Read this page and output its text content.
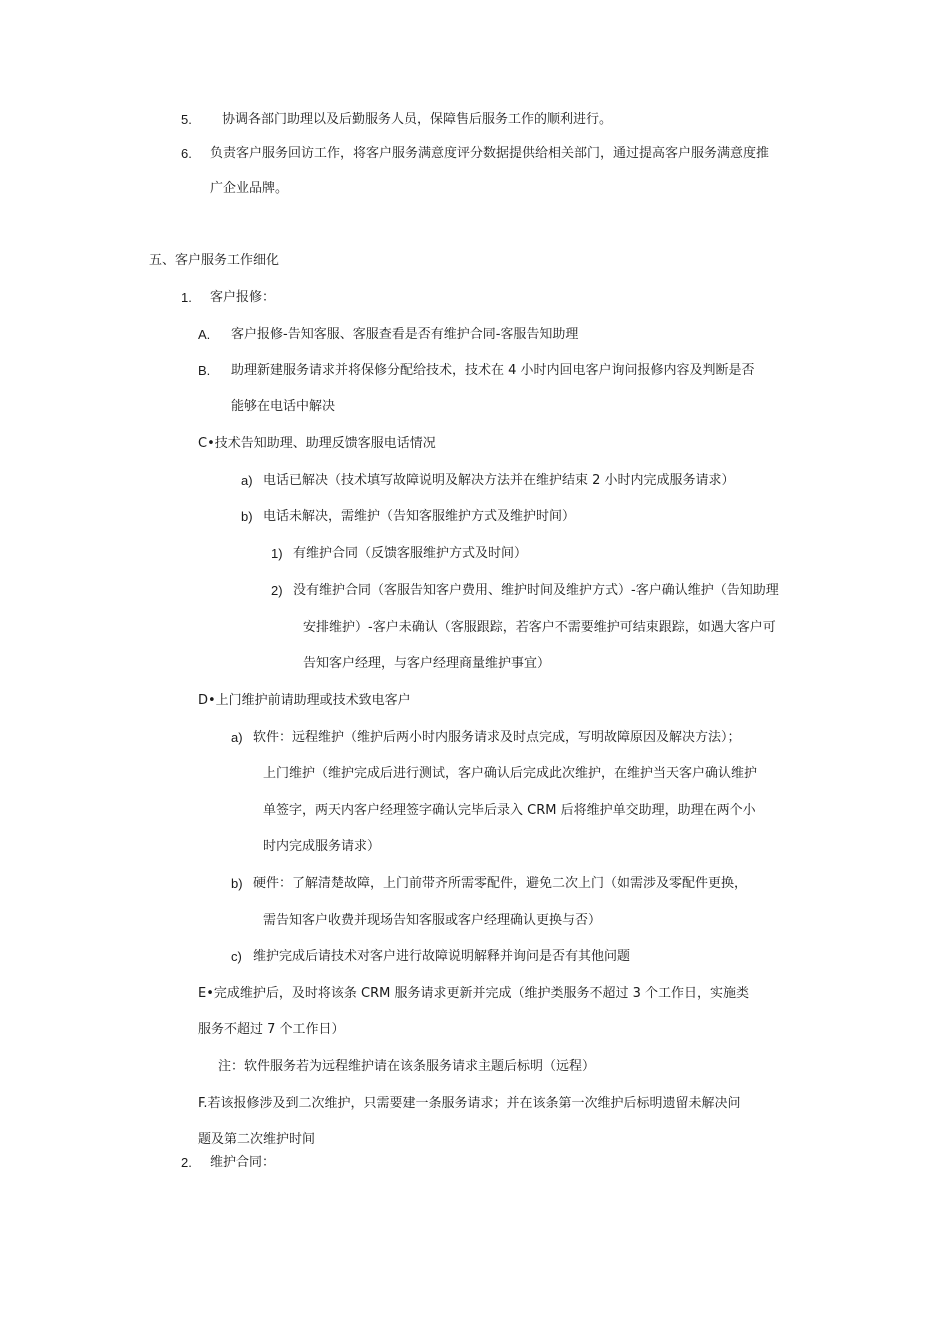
5. 协调各部门助理以及后勤服务人员，保障售后服务工作的顺利进行。
6. 负责客户服务回访工作，将客户服务满意度评分数据提供给相关部门，通过提高客户服务满意度推
广企业品牌。
五、客户服务工作细化
1. 客户报修：
A. 客户报修-告知客服、客服查看是否有维护合同-客服告知助理
B. 助理新建服务请求并将保修分配给技术，技术在 4 小时内回电客户询问报修内容及判断是否
能够在电话中解决
C•技术告知助理、助理反馈客服电话情况
a) 电话已解决（技术填写故障说明及解决方法并在维护结束 2 小时内完成服务请求）
b) 电话未解决，需维护（告知客服维护方式及维护时间）
1) 有维护合同（反馈客服维护方式及时间）
2) 没有维护合同（客服告知客户费用、维护时间及维护方式）-客户确认维护（告知助理
安排维护）-客户未确认（客服跟踪，若客户不需要维护可结束跟踪，如遇大客户可
告知客户经理，与客户经理商量维护事宜）
D•上门维护前请助理或技术致电客户
a) 软件：远程维护（维护后两小时内服务请求及时点完成，写明故障原因及解决方法）；
上门维护（维护完成后进行测试，客户确认后完成此次维护，在维护当天客户确认维护
单签字，两天内客户经理签字确认完毕后录入 CRM 后将维护单交助理，助理在两个小
时内完成服务请求）
b) 硬件：了解清楚故障，上门前带齐所需零配件，避免二次上门（如需涉及零配件更换，
需告知客户收费并现场告知客服或客户经理确认更换与否）
c) 维护完成后请技术对客户进行故障说明解释并询问是否有其他问题
E•完成维护后，及时将该条 CRM 服务请求更新并完成（维护类服务不超过 3 个工作日，实施类
服务不超过 7 个工作日）
注：软件服务若为远程维护请在该条服务请求主题后标明（远程）
F.若该报修涉及到二次维护，只需要建一条服务请求；并在该条第一次维护后标明遗留未解决问
题及第二次维护时间
2. 维护合同：
